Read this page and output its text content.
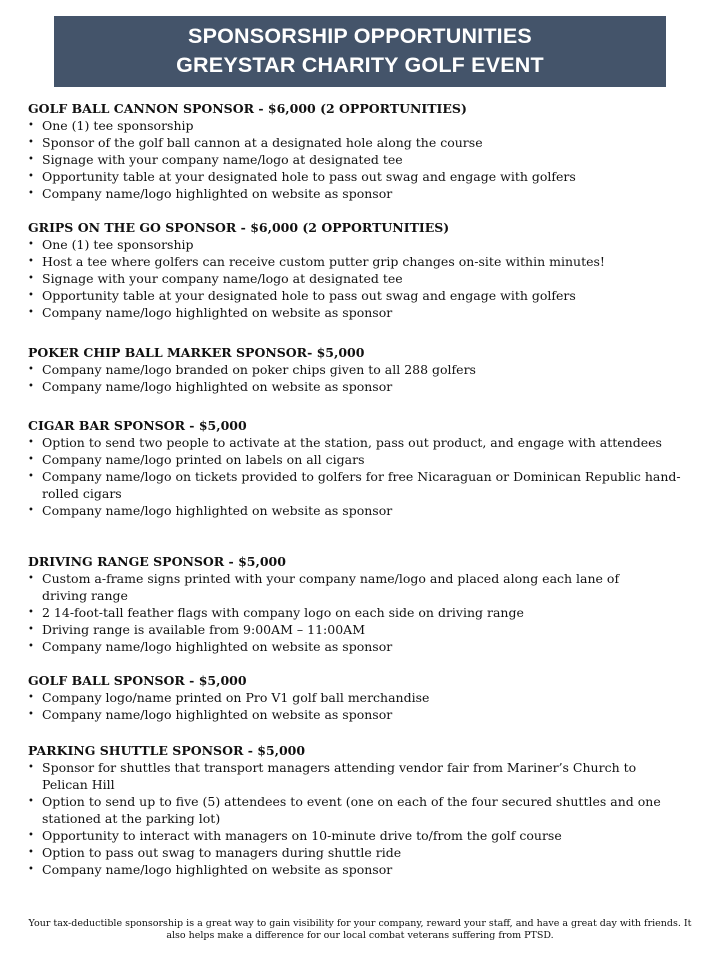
SPONSORSHIP OPPORTUNITIES
GREYSTAR CHARITY GOLF EVENT
GOLF BALL CANNON SPONSOR - $6,000 (2 OPPORTUNITIES)
• One (1) tee sponsorship
• Sponsor of the golf ball cannon at a designated hole along the course
• Signage with your company name/logo at designated tee
• Opportunity table at your designated hole to pass out swag and engage with golfers
• Company name/logo highlighted on website as sponsor
GRIPS ON THE GO SPONSOR - $6,000 (2 OPPORTUNITIES)
• One (1) tee sponsorship
• Host a tee where golfers can receive custom putter grip changes on-site within minutes!
• Signage with your company name/logo at designated tee
• Opportunity table at your designated hole to pass out swag and engage with golfers
• Company name/logo highlighted on website as sponsor
POKER CHIP BALL MARKER SPONSOR- $5,000
• Company name/logo branded on poker chips given to all 288 golfers
• Company name/logo highlighted on website as sponsor
CIGAR BAR SPONSOR - $5,000
• Option to send two people to activate at the station, pass out product, and engage with attendees
• Company name/logo printed on labels on all cigars
• Company name/logo on tickets provided to golfers for free Nicaraguan or Dominican Republic hand-rolled cigars
• Company name/logo highlighted on website as sponsor
DRIVING RANGE SPONSOR - $5,000
• Custom a-frame signs printed with your company name/logo and placed along each lane of driving range
• 2 14-foot-tall feather flags with company logo on each side on driving range
• Driving range is available from 9:00AM – 11:00AM
• Company name/logo highlighted on website as sponsor
GOLF BALL SPONSOR - $5,000
• Company logo/name printed on Pro V1 golf ball merchandise
• Company name/logo highlighted on website as sponsor
PARKING SHUTTLE SPONSOR - $5,000
• Sponsor for shuttles that transport managers attending vendor fair from Mariner’s Church to Pelican Hill
• Option to send up to five (5) attendees to event (one on each of the four secured shuttles and one stationed at the parking lot)
• Opportunity to interact with managers on 10-minute drive to/from the golf course
• Option to pass out swag to managers during shuttle ride
• Company name/logo highlighted on website as sponsor
Your tax-deductible sponsorship is a great way to gain visibility for your company, reward your staff, and have a great day with friends. It also helps make a difference for our local combat veterans suffering from PTSD.
